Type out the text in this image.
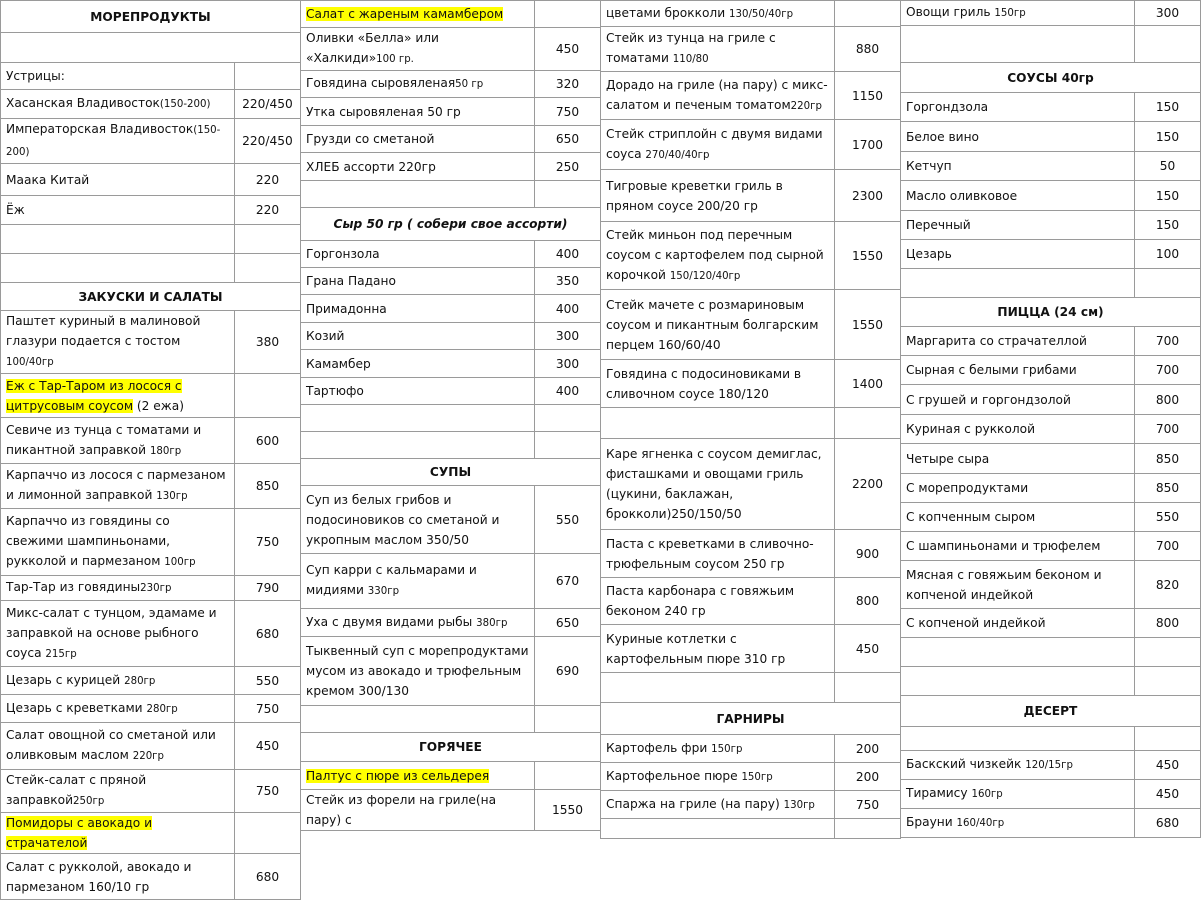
МОРЕПРОДУКТЫ	

Устрицы:	
Хасанская Владивосток(150-200)	220/450
Императорская Владивосток(150-200)	220/450
Маака Китай	220
Ёж	220

ЗАКУСКИ И САЛАТЫ	
Паштет куриный в малиновой глазури подается с тостом 100/40гр	380
Еж с Тар-Таром из лосося с цитрусовым соусом (2 ежа)	
Севиче из тунца с томатами и пикантной заправкой 180гр	600
Карпаччо из лосося с пармезаном и лимонной заправкой 130гр	850
Карпаччо из говядины со свежими шампиньонами, рукколой и пармезаном 100гр	750
Тар-Тар из говядины230гр	790
Микс-салат с тунцом, эдамаме и заправкой на основе рыбного соуса 215гр	680
Цезарь с курицей 280гр	550
Цезарь с креветками 280гр	750
Салат овощной со сметаной или оливковым маслом 220гр	450
Стейк-салат с пряной заправкой250гр	750
Помидоры с авокадо и страчателой	
Салат с рукколой, авокадо и пармезаном 160/10 гр	680
Салат с жареным камамбером	
Оливки «Белла» или «Халкиди»100 гр.	450
Говядина сыровяленая50 гр	320
Утка сыровяленая 50 гр	750
Грузди со сметаной	650
ХЛЕБ ассорти 220гр	250

Сыр 50 гр ( собери свое ассорти)	
Горгонзола	400
Грана Падано	350
Примадонна	400
Козий	300
Камамбер	300
Тартюфо	400

СУПЫ	
Суп из белых грибов и подосиновиков со сметаной и укропным маслом 350/50	550
Суп карри с кальмарами и мидиями 330гр	670
Уха с двумя видами рыбы 380гр	650
Тыквенный суп с морепродуктами мусом из авокадо и трюфельным кремом 300/130	690

ГОРЯЧЕЕ	
Палтус с пюре из сельдерея	
Стейк из форели на гриле(на пару) с	1550
цветами брокколи 130/50/40гр	
Стейк из тунца на гриле с томатами 110/80	880
Дорадо на гриле (на пару) с микс-салатом и печеным томатом220гр	1150
Стейк стриплойн с двумя видами соуса 270/40/40гр	1700
Тигровые креветки гриль в пряном соусе 200/20 гр	2300
Стейк миньон под перечным соусом с картофелем под сырной корочкой 150/120/40гр	1550
Стейк мачете с розмариновым соусом и пикантным болгарским перцем 160/60/40	1550
Говядина с подосиновиками в сливочном соусе 180/120	1400

Каре ягненка с соусом демиглас, фисташками и овощами гриль (цукини, баклажан, брокколи)250/150/50	2200
Паста с креветками в сливочно-трюфельным соусом 250 гр	900
Паста карбонара с говяжьим беконом 240 гр	800
Куриные котлетки с картофельным пюре 310 гр	450

ГАРНИРЫ	
Картофель фри 150гр	200
Картофельное пюре 150гр	200
Спаржа на гриле (на пару) 130гр	750

Овощи гриль 150гр	300

СОУСЫ 40гр	
Горгондзола	150
Белое вино	150
Кетчуп	50
Масло оливковое	150
Перечный	150
Цезарь	100

ПИЦЦА (24 см)	
Маргарита со страчателлой	700
Сырная с белыми грибами	700
С грушей и горгондзолой	800
Куриная с рукколой	700
Четыре сыра	850
С морепродуктами	850
С копченным сыром	550
С шампиньонами и трюфелем	700
Мясная с говяжьим беконом и копченой индейкой	820
С копченой индейкой	800

ДЕСЕРТ	

Баскский чизкейк 120/15гр	450
Тирамису 160гр	450
Брауни 160/40гр	680
